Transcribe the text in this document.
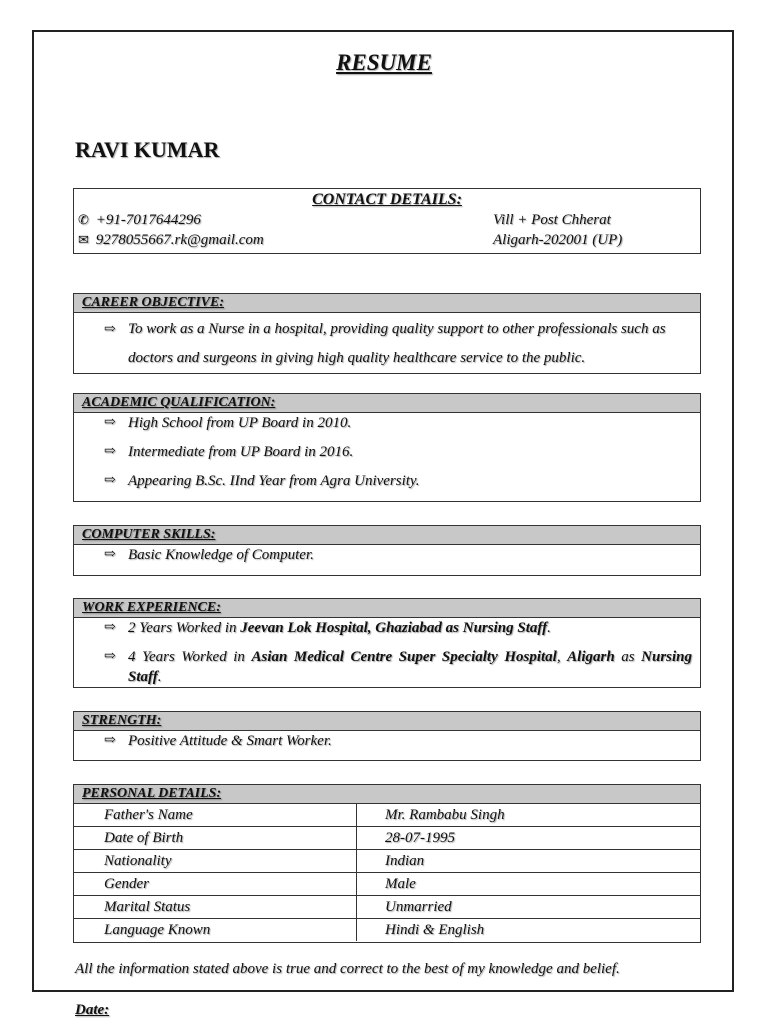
RESUME
RAVI KUMAR
CONTACT DETAILS:
✆ +91-7017644296
✉ 9278055667.rk@gmail.com
Vill + Post Chherat
Aligarh-202001 (UP)
CAREER OBJECTIVE:
⇨ To work as a Nurse in a hospital, providing quality support to other professionals such as
doctors and surgeons in giving high quality healthcare service to the public.
ACADEMIC QUALIFICATION:
⇨ High School from UP Board in 2010.
⇨ Intermediate from UP Board in 2016.
⇨ Appearing B.Sc. IInd Year from Agra University.
COMPUTER SKILLS:
⇨ Basic Knowledge of Computer.
WORK EXPERIENCE:
⇨ 2 Years Worked in Jeevan Lok Hospital, Ghaziabad as Nursing Staff.
⇨ 4 Years Worked in Asian Medical Centre Super Specialty Hospital, Aligarh as Nursing Staff.
STRENGTH:
⇨ Positive Attitude & Smart Worker.
PERSONAL DETAILS:
Father's Name	Mr. Rambabu Singh
Date of Birth	28-07-1995
Nationality	Indian
Gender	Male
Marital Status	Unmarried
Language Known	Hindi & English
All the information stated above is true and correct to the best of my knowledge and belief.
Date:
